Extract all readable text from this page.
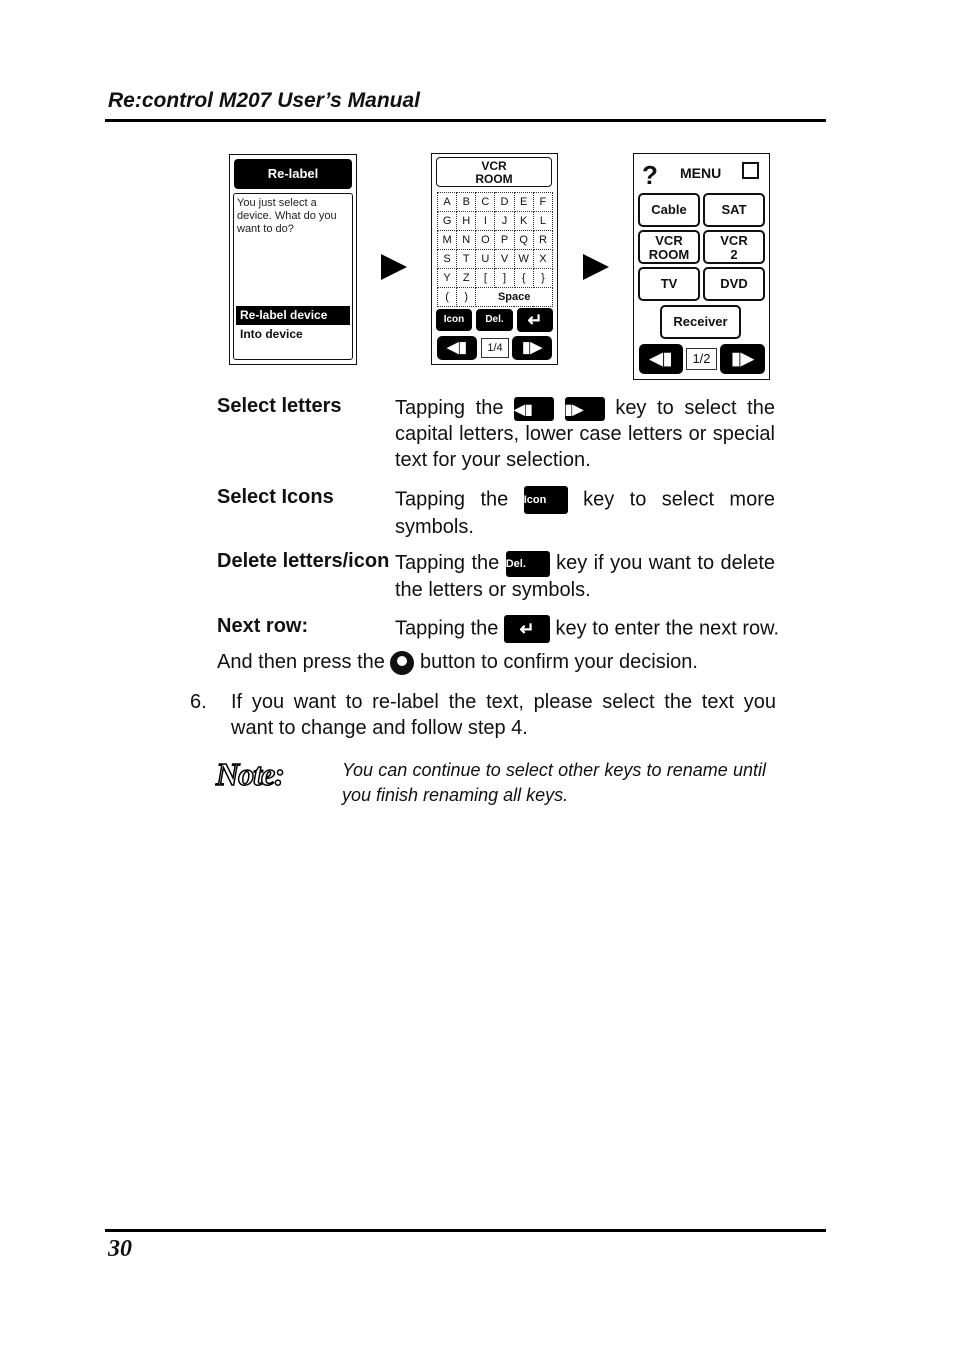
Re:control M207 User’s Manual
Re-label
You just select a device. What do you want to do?
Re-label device
Into device
VCR
ROOM
A	B	C	D	E	F
G	H	I	J	K	L
M	N	O	P	Q	R
S	T	U	V	W	X
Y	Z	[	]	{	}
(	)	Space			
Icon	Del.	↵
◀▮	1/4	▮▶
? MENU
Cable	SAT
VCR
ROOM
VCR
2
TV	DVD
Receiver
◀▮	1/2	▮▶
Select letters	Tapping the ◀▮ ▮▶ key to select the capital letters, lower case letters or special text for your selection.
Select Icons	Tapping the Icon key to select more symbols.
Delete letters/icon Tapping the Del. key if you want to delete the letters or symbols.
Next row:	Tapping the ↵ key to enter the next row.
And then press the button to confirm your decision.
6. If you want to re-label the text, please select the text you want to change and follow step 4.
Note:	You can continue to select other keys to rename until you finish renaming all keys.
30
